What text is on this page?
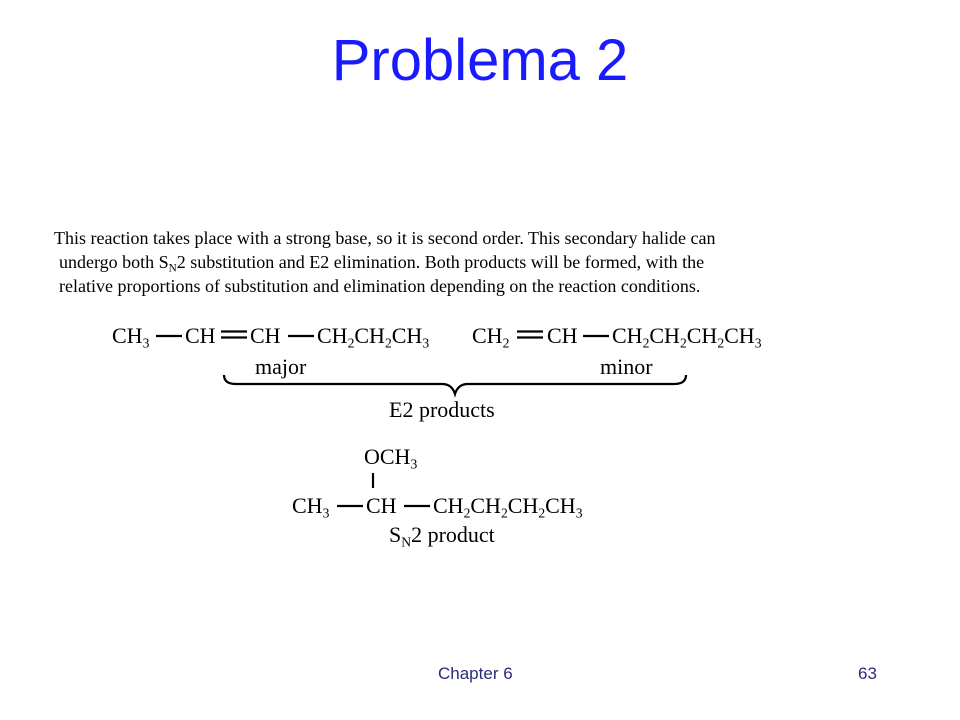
Problema 2
This reaction takes place with a strong base, so it is second order. This secondary halide can
undergo both $S_N2$ substitution and E2 elimination. Both products will be formed, with the
relative proportions of substitution and elimination depending on the reaction conditions.
$CH_3$ CH CH $CH_2CH_2CH_3$ $CH_2$ CH $CH_2CH_2CH_2CH_3$
major	minor
E2 products
$OCH_3$
$CH_3$ CH $CH_2CH_2CH_2CH_3$
$S_N2$ product
Chapter 6	63
